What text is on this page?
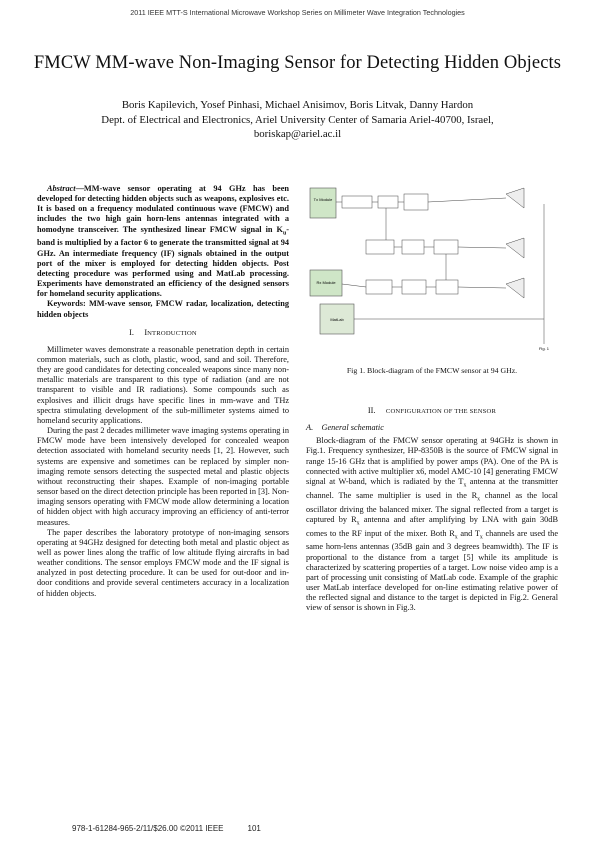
2011 IEEE MTT-S International Microwave Workshop Series on Millimeter Wave Integration Technologies
FMCW MM-wave Non-Imaging Sensor for Detecting Hidden Objects
Boris Kapilevich, Yosef Pinhasi, Michael Anisimov, Boris Litvak, Danny Hardon
Dept. of Electrical and Electronics, Ariel University Center of Samaria Ariel-40700, Israel,
boriskap@ariel.ac.il

Abstract—MM-wave sensor operating at 94 GHz has been developed for detecting hidden objects such as weapons, explosives etc. It is based on a frequency modulated continuous wave (FMCW) and includes the two high gain horn-lens antennas integrated with a homodyne transceiver. The synthesized linear FMCW signal in $K_u$-band is multiplied by a factor 6 to generate the transmitted signal at 94 GHz. An intermediate frequency (IF) signals obtained in the output port of the mixer is employed for detecting hidden objects. Post detecting procedure was performed using and MatLab processing. Experiments have demonstrated an efficiency of the designed sensors for homeland security applications.

Keywords: MM-wave sensor, FMCW radar, localization, detecting hidden objects

I. INTRODUCTION

Millimeter waves demonstrate a reasonable penetration depth in certain common materials, such as cloth, plastic, wood, sand and soil. Therefore, they are good candidates for detecting concealed weapons since many non-metallic materials are transparent to this type of radiation (and are not transparent to visible and IR radiations). Some compounds such as explosives and illicit drugs have specific lines in mm-wave and THz spectra stimulating development of the sub-millimeter systems aimed to homeland security applications.

During the past 2 decades millimeter wave imaging systems operating in FMCW mode have been intensively developed for concealed weapon detection associated with homeland security needs [1, 2]. However, such systems are expensive and sometimes can be replaced by simpler non-imaging remote sensors detecting the suspected metal and plastic objects without reconstructing their shapes. Example of non-imaging portable sensor based on the direct detection principle has been reported in [3]. Non-imaging sensors operating with FMCW mode allow determining a location of hidden object with high accuracy improving an efficiency of anti-terror measures.

The paper describes the laboratory prototype of non-imaging sensors operating at 94GHz designed for detecting both metal and plastic object as well as power lines along the traffic of low altitude flying aircrafts in bad weather conditions. The sensor employs FMCW mode and the IF signal is analyzed in post detecting procedure. It can be used for out-door and in-door conditions and provide several centimeters accuracy in a localization of hidden objects.

Tx Module
Rx Module
MatLab
Fig. 1
Fig 1. Block-diagram of the FMCW sensor at 94 GHz.
II. CONFIGURATION OF THE SENSOR
A. General schematic

Block-diagram of the FMCW sensor operating at 94GHz is shown in Fig.1. Frequency synthesizer, HP-8350B is the source of FMCW signal in range 15-16 GHz that is amplified by power amps (PA). One of the PA is connected with active multiplier x6, model AMC-10 [4] generating FMCW signal at W-band, which is radiated by the $T_x$ antenna at the transmitter channel. The same multiplier is used in the $R_x$ channel as the local oscillator driving the balanced mixer. The signal reflected from a target is captured by $R_x$ antenna and after amplifying by LNA with gain 30dB comes to the RF input of the mixer. Both $R_x$ and $T_x$ channels are used the same horn-lens antennas (35dB gain and 3 degrees beamwidth). The IF is proportional to the distance from a target [5] while its amplitude is characterized by scattering properties of a target. Low noise video amp is a part of processing unit consisting of MatLab code. Example of the graphic user MatLab interface developed for on-line estimating relative power of the reflected signal and distance to the target is depicted in Fig.2. General view of sensor is shown in Fig.3.

978-1-61284-965-2/11/$26.00 ©2011 IEEE	101
